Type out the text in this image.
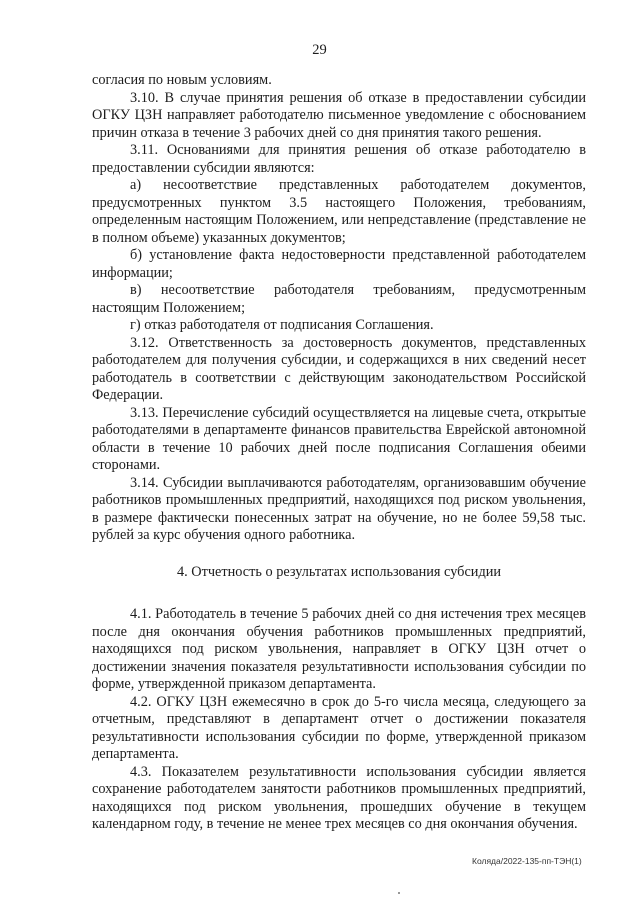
29

согласия по новым условиям.

3.10. В случае принятия решения об отказе в предоставлении субсидии ОГКУ ЦЗН направляет работодателю письменное уведомление с обоснованием причин отказа в течение 3 рабочих дней со дня принятия такого решения.

3.11. Основаниями для принятия решения об отказе работодателю в предоставлении субсидии являются:

а) несоответствие представленных работодателем документов, предусмотренных пунктом 3.5 настоящего Положения, требованиям, определенным настоящим Положением, или непредставление (представление не в полном объеме) указанных документов;

б) установление факта недостоверности представленной работодателем информации;

в) несоответствие работодателя требованиям, предусмотренным настоящим Положением;

г) отказ работодателя от подписания Соглашения.

3.12. Ответственность за достоверность документов, представленных работодателем для получения субсидии, и содержащихся в них сведений несет работодатель в соответствии с действующим законодательством Российской Федерации.

3.13. Перечисление субсидий осуществляется на лицевые счета, открытые работодателями в департаменте финансов правительства Еврейской автономной области в течение 10 рабочих дней после подписания Соглашения обеими сторонами.

3.14. Субсидии выплачиваются работодателям, организовавшим обучение работников промышленных предприятий, находящихся под риском увольнения, в размере фактически понесенных затрат на обучение, но не более 59,58 тыс. рублей за курс обучения одного работника.

4. Отчетность о результатах использования субсидии

4.1. Работодатель в течение 5 рабочих дней со дня истечения трех месяцев после дня окончания обучения работников промышленных предприятий, находящихся под риском увольнения, направляет в ОГКУ ЦЗН отчет о достижении значения показателя результативности использования субсидии по форме, утвержденной приказом департамента.

4.2. ОГКУ ЦЗН ежемесячно в срок до 5-го числа месяца, следующего за отчетным, представляют в департамент отчет о достижении показателя результативности использования субсидии по форме, утвержденной приказом департамента.

4.3. Показателем результативности использования субсидии является сохранение работодателем занятости работников промышленных предприятий, находящихся под риском увольнения, прошедших обучение в текущем календарном году, в течение не менее трех месяцев со дня окончания обучения.

Коляда/2022-135-пп-ТЭН(1)
